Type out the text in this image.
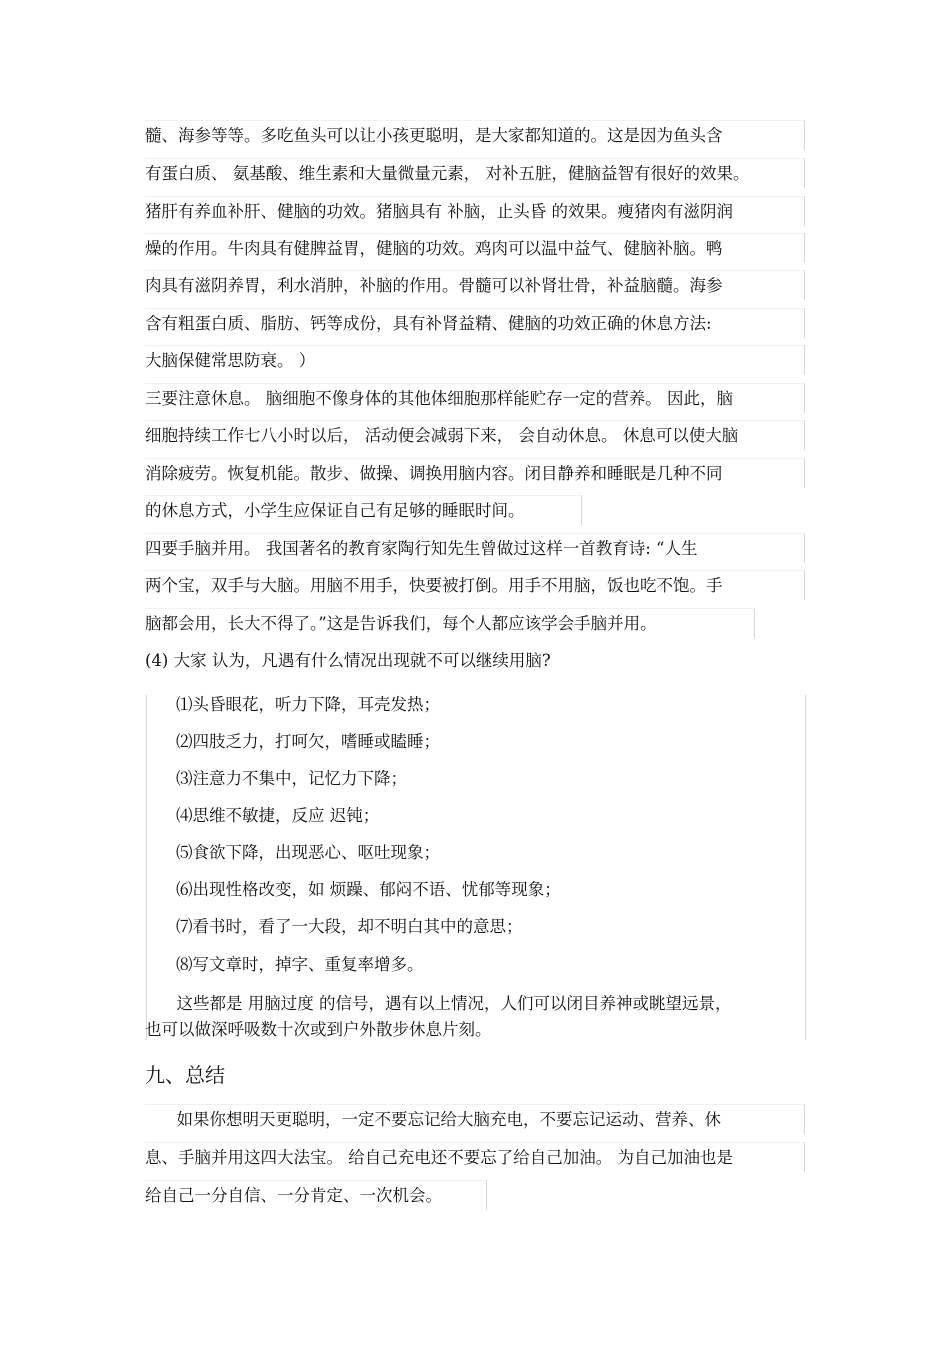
髓、海参等等。多吃鱼头可以让小孩更聪明，是大家都知道的。这是因为鱼头含
有蛋白质、 氨基酸、维生素和大量微量元素， 对补五脏，健脑益智有很好的效果。
猪肝有养血补肝、健脑的功效。猪脑具有 补脑，止头昏 的效果。瘦猪肉有滋阴润
燥的作用。牛肉具有健脾益胃，健脑的功效。鸡肉可以温中益气、健脑补脑。鸭
肉具有滋阴养胃，利水消肿，补脑的作用。骨髓可以补肾壮骨，补益脑髓。海参
含有粗蛋白质、脂肪、钙等成份，具有补肾益精、健脑的功效正确的休息方法:
大脑保健常思防衰。 ）
三要注意休息。 脑细胞不像身体的其他体细胞那样能贮存一定的营养。 因此，脑
细胞持续工作七八小时以后， 活动便会减弱下来， 会自动休息。 休息可以使大脑
消除疲劳。恢复机能。散步、做操、调换用脑内容。闭目静养和睡眠是几种不同
的休息方式，小学生应保证自己有足够的睡眠时间。
四要手脑并用。 我国著名的教育家陶行知先生曾做过这样一首教育诗: “人生
两个宝，双手与大脑。用脑不用手，快要被打倒。用手不用脑，饭也吃不饱。手
脑都会用，长大不得了。”这是告诉我们，每个人都应该学会手脑并用。
(4) 大家 认为，凡遇有什么情况出现就不可以继续用脑?
⑴头昏眼花，听力下降，耳壳发热；
⑵四肢乏力，打呵欠，嗜睡或瞌睡；
⑶注意力不集中，记忆力下降；
⑷思维不敏捷，反应 迟钝；
⑸食欲下降，出现恶心、呕吐现象；
⑹出现性格改变，如 烦躁、郁闷不语、忧郁等现象；
⑺看书时，看了一大段，却不明白其中的意思；
⑻写文章时，掉字、重复率增多。
这些都是 用脑过度 的信号，遇有以上情况，人们可以闭目养神或眺望远景，
也可以做深呼吸数十次或到户外散步休息片刻。
九、总结
如果你想明天更聪明，一定不要忘记给大脑充电，不要忘记运动、营养、休
息、手脑并用这四大法宝。 给自己充电还不要忘了给自己加油。 为自己加油也是
给自己一分自信、一分肯定、一次机会。
